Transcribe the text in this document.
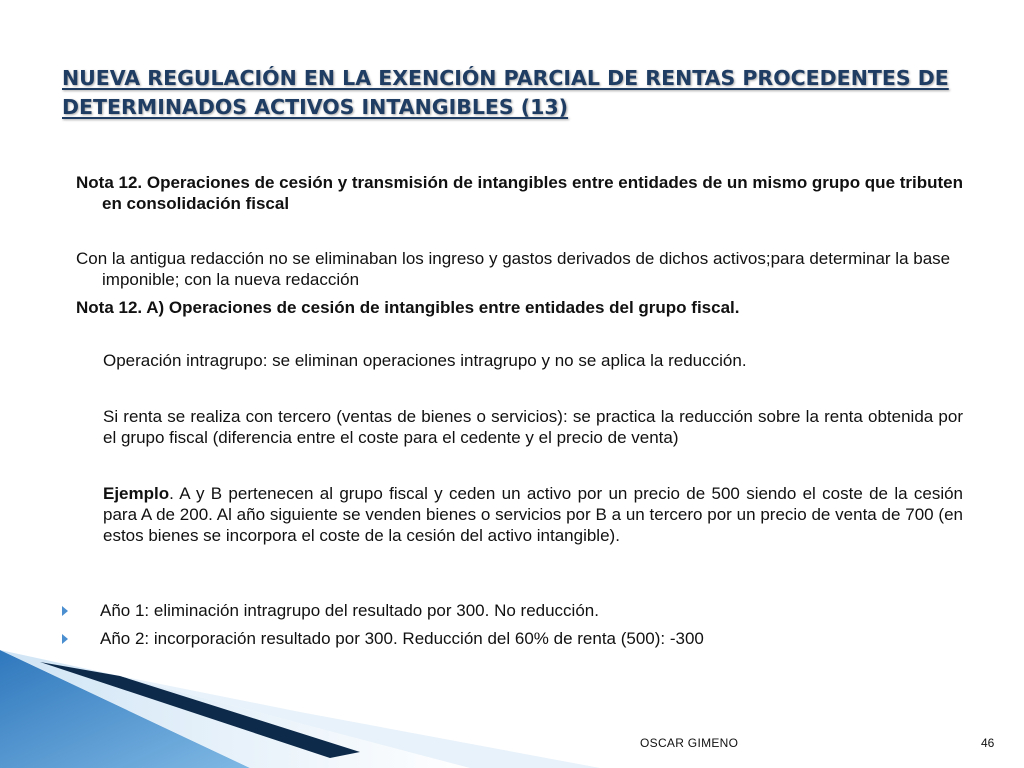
NUEVA REGULACIÓN EN LA EXENCIÓN PARCIAL DE RENTAS PROCEDENTES DE DETERMINADOS ACTIVOS INTANGIBLES (13)

Nota 12. Operaciones de cesión y transmisión de intangibles entre entidades de un mismo grupo que tributen en consolidación fiscal

Con la antigua redacción no se eliminaban los ingreso y gastos derivados de dichos activos;para determinar la base imponible; con la nueva redacción

Nota 12. A) Operaciones de cesión de intangibles entre entidades del grupo fiscal.

Operación intragrupo: se eliminan operaciones intragrupo y no se aplica la reducción.

Si renta se realiza con tercero (ventas de bienes o servicios): se practica la reducción sobre la renta obtenida por el grupo fiscal (diferencia entre el coste para el cedente y el precio de venta)

Ejemplo. A y B pertenecen al grupo fiscal y ceden un activo por un precio de 500 siendo el coste de la cesión para A de 200. Al año siguiente se venden bienes o servicios por B a un tercero por un precio de venta de 700 (en estos bienes se incorpora el coste de la cesión del activo intangible).

Año 1: eliminación intragrupo del resultado por 300. No reducción.
Año 2: incorporación resultado por 300. Reducción del 60% de renta (500): -300
OSCAR GIMENO	46
